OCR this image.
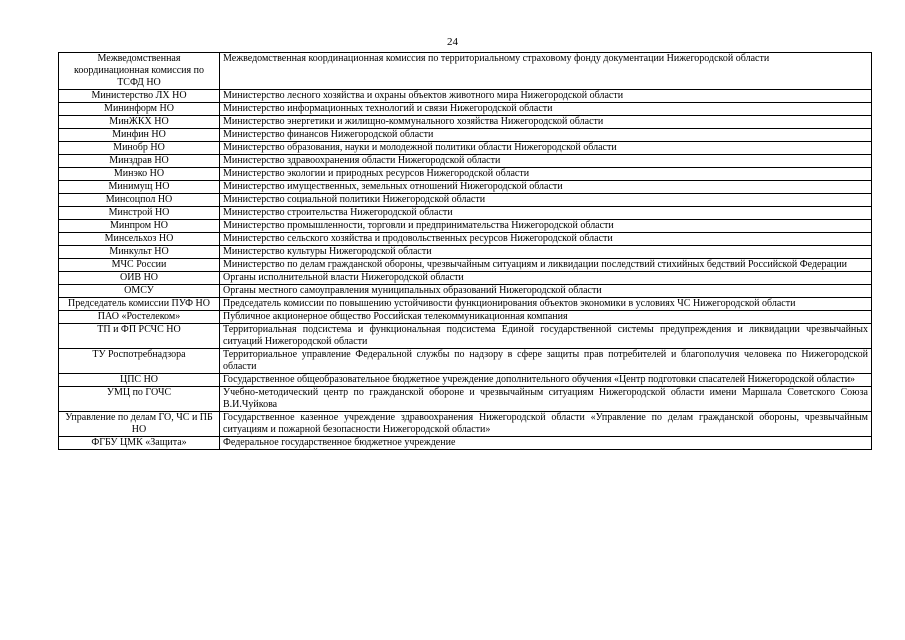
24
Межведомственная координационная комиссия по ТСФД НО	Межведомственная координационная комиссия по территориальному страховому фонду документации Нижегородской области
Министерство ЛХ НО	Министерство лесного хозяйства и охраны объектов животного мира Нижегородской области
Мининформ НО	Министерство информационных технологий и связи Нижегородской области
МинЖКХ НО	Министерство энергетики и жилищно-коммунального хозяйства Нижегородской области
Минфин НО	Министерство финансов Нижегородской области
Минобр НО	Министерство образования, науки и молодежной политики области Нижегородской области
Минздрав НО	Министерство здравоохранения области Нижегородской области
Минэко НО	Министерство экологии и природных ресурсов Нижегородской области
Минимущ НО	Министерство имущественных, земельных отношений Нижегородской области
Минсоцпол НО	Министерство социальной политики Нижегородской области
Минстрой НО	Министерство строительства Нижегородской области
Минпром НО	Министерство промышленности, торговли и предпринимательства Нижегородской области
Минсельхоз НО	Министерство сельского хозяйства и продовольственных ресурсов Нижегородской области
Минкульт НО	Министерство культуры Нижегородской области
МЧС России	Министерство по делам гражданской обороны, чрезвычайным ситуациям и ликвидации последствий стихийных бедствий Российской Федерации
ОИВ НО	Органы исполнительной власти Нижегородской области
ОМСУ	Органы местного самоуправления муниципальных образований Нижегородской области
Председатель комиссии ПУФ НО	Председатель комиссии по повышению устойчивости функционирования объектов экономики в условиях ЧС Нижегородской области
ПАО «Ростелеком»	Публичное акционерное общество Российская телекоммуникационная компания
ТП и ФП РСЧС НО	Территориальная подсистема и функциональная подсистема Единой государственной системы предупреждения и ликвидации чрезвычайных ситуаций Нижегородской области
ТУ Роспотребнадзора	Территориальное управление Федеральной службы по надзору в сфере защиты прав потребителей и благополучия человека по Нижегородской области
ЦПС НО	Государственное общеобразовательное бюджетное учреждение дополнительного обучения «Центр подготовки спасателей Нижегородской области»
УМЦ по ГОЧС	Учебно-методический центр по гражданской обороне и чрезвычайным ситуациям Нижегородской области имени Маршала Советского Союза В.И.Чуйкова
Управление по делам ГО, ЧС и ПБ НО	Государственное казенное учреждение здравоохранения Нижегородской области «Управление по делам гражданской обороны, чрезвычайным ситуациям и пожарной безопасности Нижегородской области»
ФГБУ ЦМК «Защита»	Федеральное государственное бюджетное учреждение
